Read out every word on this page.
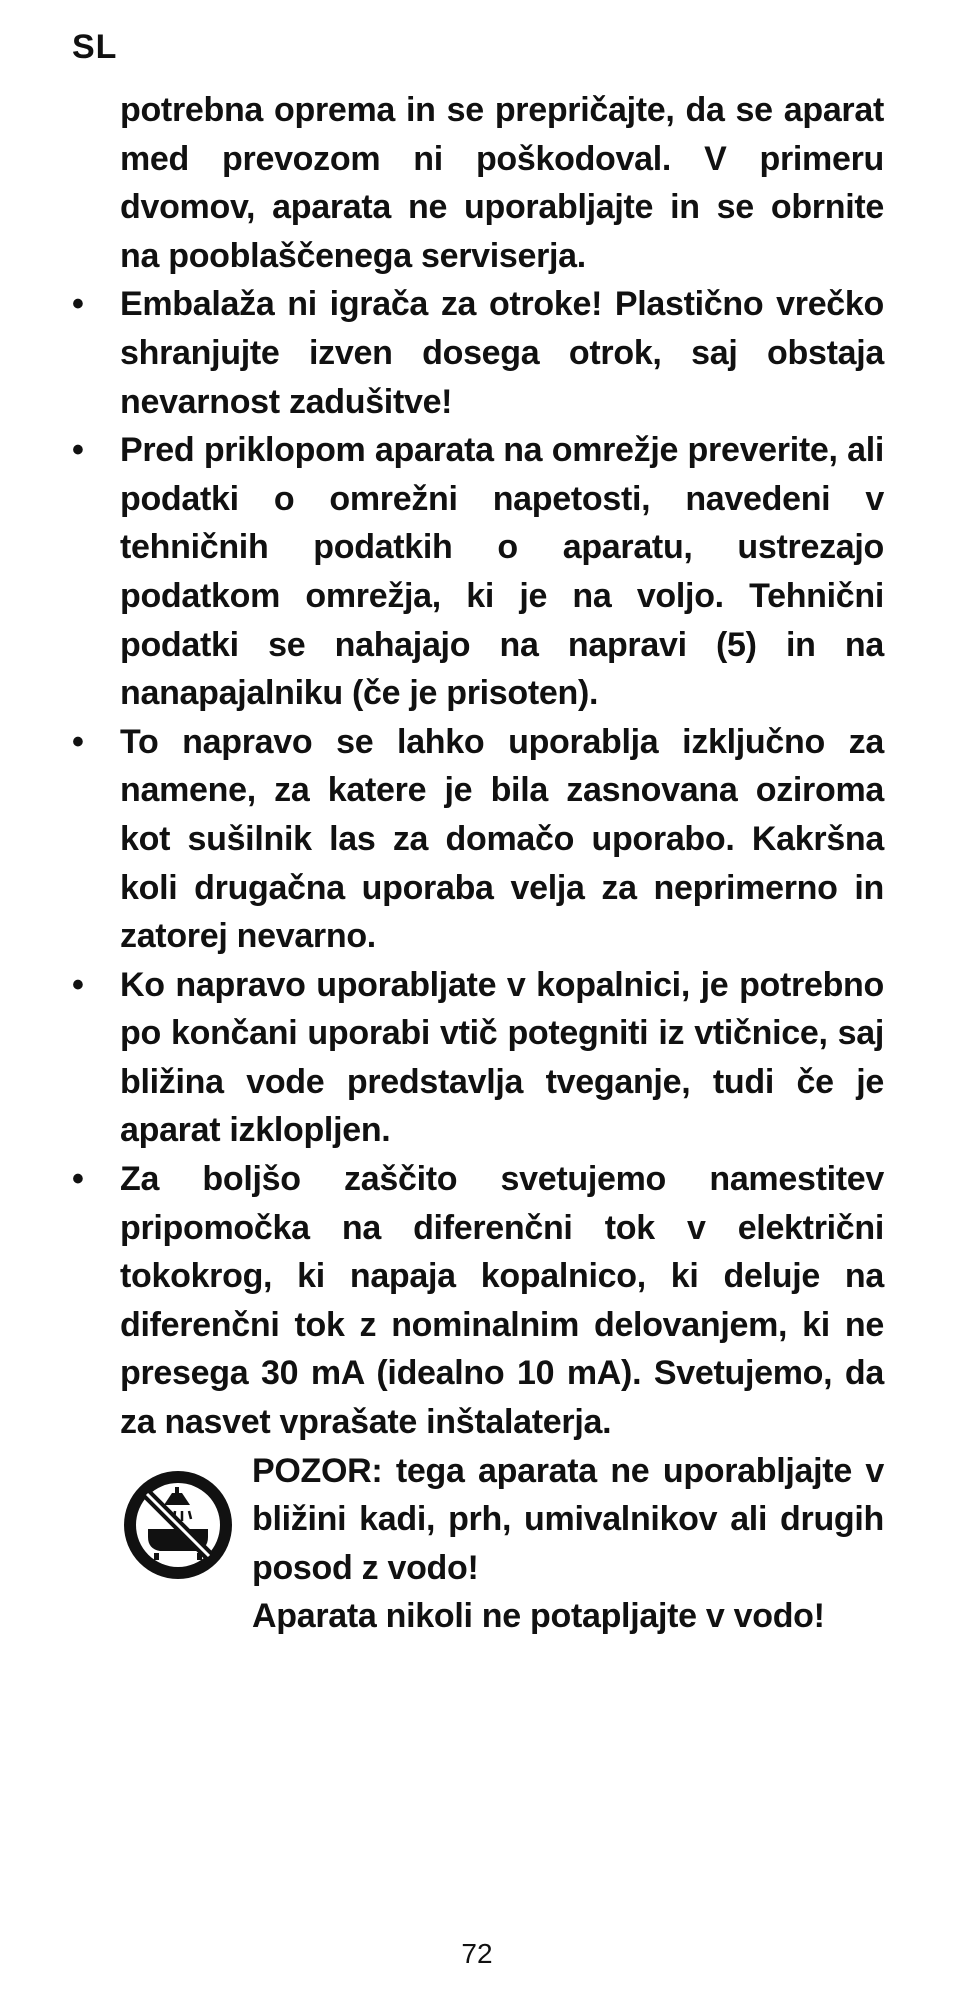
SL

potrebna oprema in se prepričajte, da se aparat med prevozom ni poškodoval. V primeru dvomov, aparata ne uporabljajte in se obrnite na pooblaščenega serviserja.

•	Embalaža ni igrača za otroke! Plastično vrečko shranjujte izven dosega otrok, saj obstaja nevarnost zadušitve!
•	Pred priklopom aparata na omrežje preverite, ali podatki o omrežni napetosti, navedeni v tehničnih podatkih o aparatu, ustrezajo podatkom omrežja, ki je na voljo. Tehnični podatki se nahajajo na napravi (5) in na nanapajalniku (če je prisoten).
•	To napravo se lahko uporablja izključno za namene, za katere je bila zasnovana oziroma kot sušilnik las za domačo uporabo. Kakršna koli drugačna uporaba velja za neprimerno in zatorej nevarno.
•	Ko napravo uporabljate v kopalnici, je potrebno po končani uporabi vtič potegniti iz vtičnice, saj bližina vode predstavlja tveganje, tudi če je aparat izklopljen.
•	Za boljšo zaščito svetujemo namestitev pripomočka na diferenčni tok v električni tokokrog, ki napaja kopalnico, ki deluje na diferenčni tok z nominalnim delovanjem, ki ne presega 30 mA (idealno 10 mA). Svetujemo, da za nasvet vprašate inštalaterja.

POZOR: tega aparata ne uporabljajte v bližini kadi, prh, umivalnikov ali drugih posod z vodo!

Aparata nikoli ne potapljajte v vodo!

72
